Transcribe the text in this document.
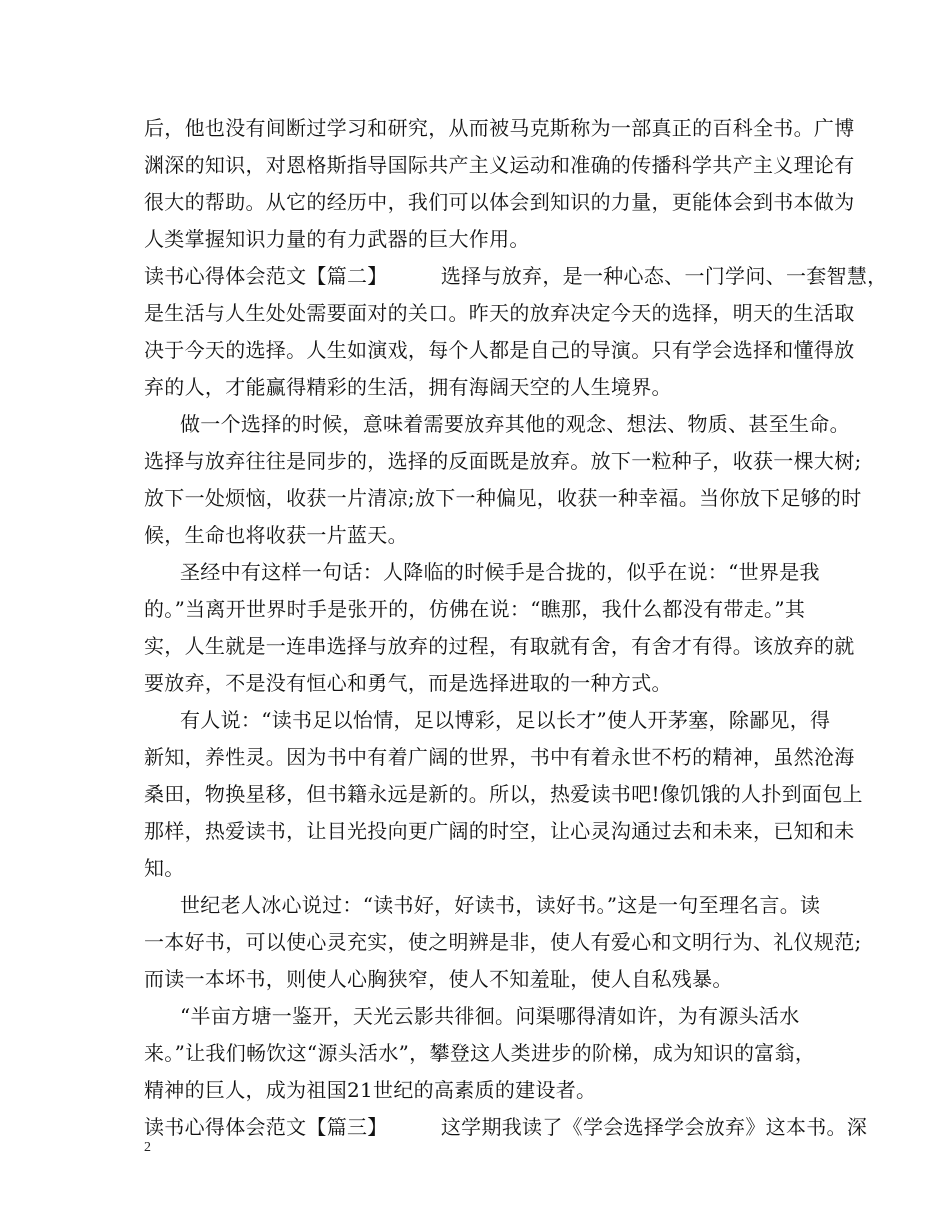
后，他也没有间断过学习和研究，从而被马克斯称为一部真正的百科全书。广博
渊深的知识，对恩格斯指导国际共产主义运动和准确的传播科学共产主义理论有
很大的帮助。从它的经历中，我们可以体会到知识的力量，更能体会到书本做为
人类掌握知识力量的有力武器的巨大作用。
读书心得体会范文【篇二】        选择与放弃，是一种心态、一门学问、一套智慧，
是生活与人生处处需要面对的关口。昨天的放弃决定今天的选择，明天的生活取
决于今天的选择。人生如演戏，每个人都是自己的导演。只有学会选择和懂得放
弃的人，才能赢得精彩的生活，拥有海阔天空的人生境界。
做一个选择的时候，意味着需要放弃其他的观念、想法、物质、甚至生命。
选择与放弃往往是同步的，选择的反面既是放弃。放下一粒种子，收获一棵大树;
放下一处烦恼，收获一片清凉;放下一种偏见，收获一种幸福。当你放下足够的时
候，生命也将收获一片蓝天。
圣经中有这样一句话：人降临的时候手是合拢的，似乎在说：“世界是我
的。”当离开世界时手是张开的，仿佛在说：“瞧那，我什么都没有带走。”其
实，人生就是一连串选择与放弃的过程，有取就有舍，有舍才有得。该放弃的就
要放弃，不是没有恒心和勇气，而是选择进取的一种方式。
有人说：“读书足以怡情，足以博彩，足以长才”使人开茅塞，除鄙见，得
新知，养性灵。因为书中有着广阔的世界，书中有着永世不朽的精神，虽然沧海
桑田，物换星移，但书籍永远是新的。所以，热爱读书吧!像饥饿的人扑到面包上
那样，热爱读书，让目光投向更广阔的时空，让心灵沟通过去和未来，已知和未
知。
世纪老人冰心说过：“读书好，好读书，读好书。”这是一句至理名言。读
一本好书，可以使心灵充实，使之明辨是非，使人有爱心和文明行为、礼仪规范;
而读一本坏书，则使人心胸狭窄，使人不知羞耻，使人自私残暴。
“半亩方塘一鉴开，天光云影共徘徊。问渠哪得清如许，为有源头活水
来。”让我们畅饮这“源头活水”，攀登这人类进步的阶梯，成为知识的富翁，
精神的巨人，成为祖国21世纪的高素质的建设者。
读书心得体会范文【篇三】        这学期我读了《学会选择学会放弃》这本书。深
2
